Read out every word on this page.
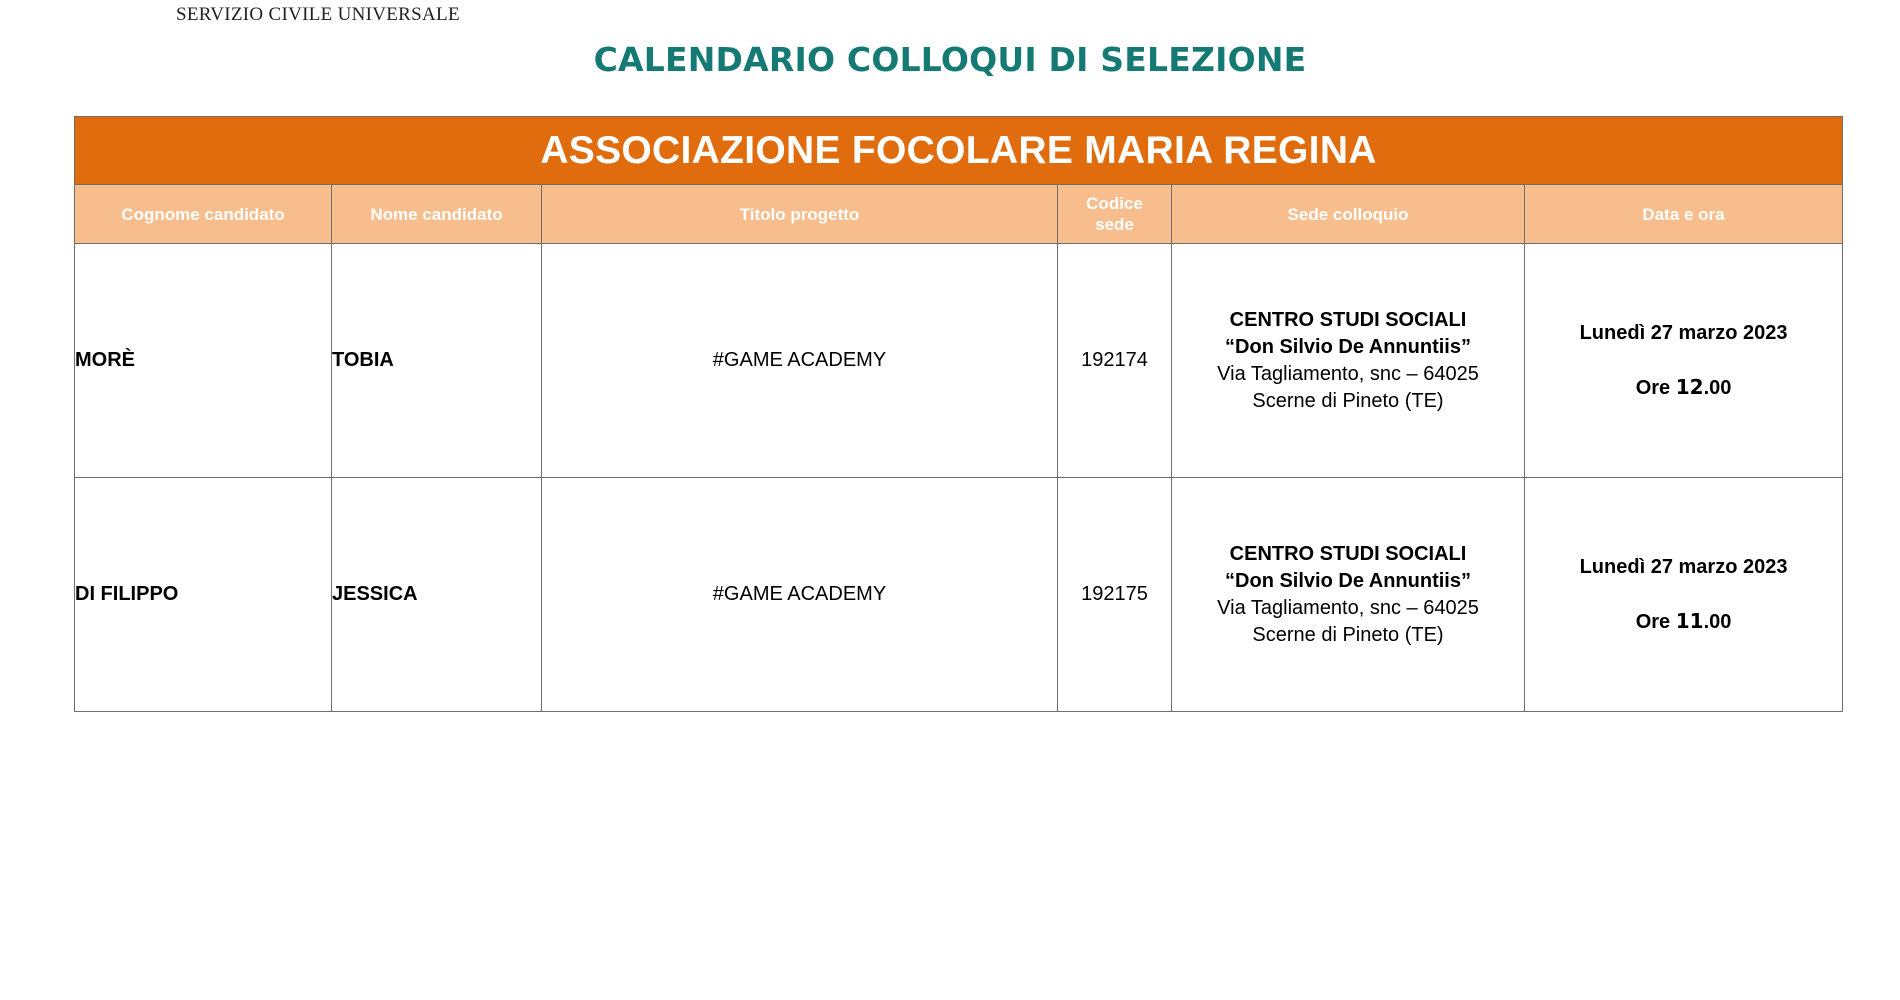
SERVIZIO CIVILE UNIVERSALE
CALENDARIO COLLOQUI DI SELEZIONE
ASSOCIAZIONE FOCOLARE MARIA REGINA					
Cognome candidato	Nome candidato	Titolo progetto	Codice
sede	Sede colloquio	Data e ora
MORÈ	TOBIA	#GAME ACADEMY	192174	CENTRO STUDI SOCIALI
“Don Silvio De Annuntiis”
Via Tagliamento, snc – 64025
Scerne di Pineto (TE)	Lunedì 27 marzo 2023
Ore 12.00

DI FILIPPO	JESSICA	#GAME ACADEMY	192175	CENTRO STUDI SOCIALI
“Don Silvio De Annuntiis”
Via Tagliamento, snc – 64025
Scerne di Pineto (TE)	Lunedì 27 marzo 2023
Ore 11.00
